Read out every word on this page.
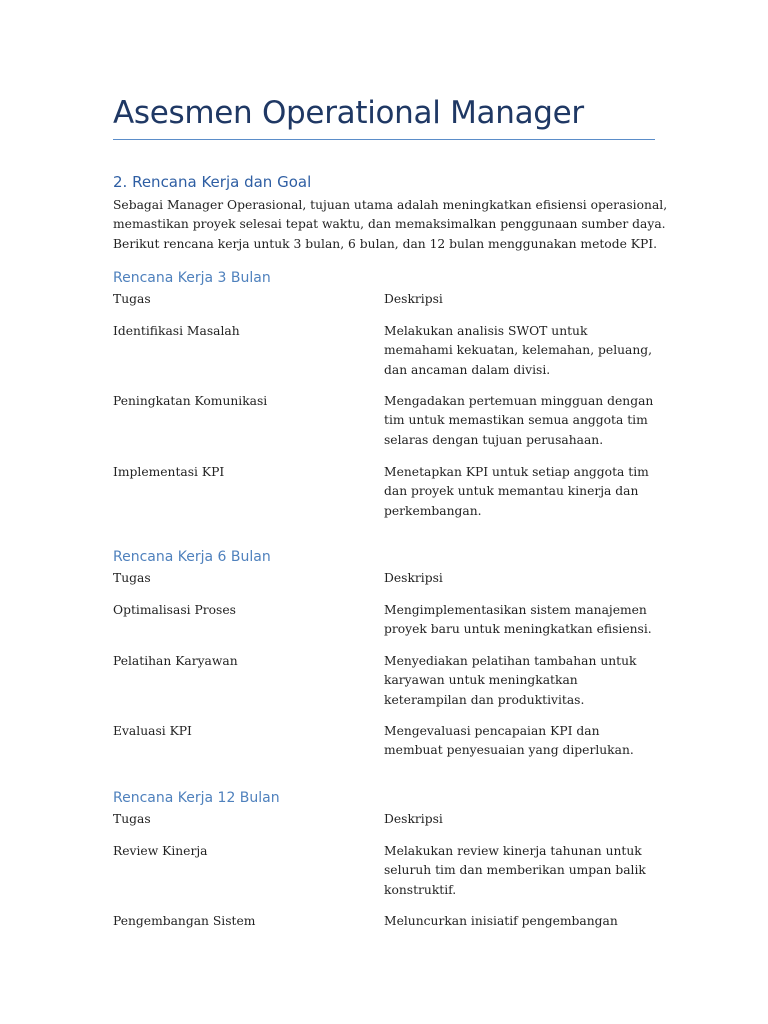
Asesmen Operational Manager
2. Rencana Kerja dan Goal
Sebagai Manager Operasional, tujuan utama adalah meningkatkan efisiensi operasional,
memastikan proyek selesai tepat waktu, dan memaksimalkan penggunaan sumber daya.
Berikut rencana kerja untuk 3 bulan, 6 bulan, dan 12 bulan menggunakan metode KPI.
Rencana Kerja 3 Bulan
Tugas	Deskripsi
Identifikasi Masalah	Melakukan analisis SWOT untuk
memahami kekuatan, kelemahan, peluang,
dan ancaman dalam divisi.
Peningkatan Komunikasi	Mengadakan pertemuan mingguan dengan
tim untuk memastikan semua anggota tim
selaras dengan tujuan perusahaan.
Implementasi KPI	Menetapkan KPI untuk setiap anggota tim
dan proyek untuk memantau kinerja dan
perkembangan.
Rencana Kerja 6 Bulan
Tugas	Deskripsi
Optimalisasi Proses	Mengimplementasikan sistem manajemen
proyek baru untuk meningkatkan efisiensi.
Pelatihan Karyawan	Menyediakan pelatihan tambahan untuk
karyawan untuk meningkatkan
keterampilan dan produktivitas.
Evaluasi KPI	Mengevaluasi pencapaian KPI dan
membuat penyesuaian yang diperlukan.
Rencana Kerja 12 Bulan
Tugas	Deskripsi
Review Kinerja	Melakukan review kinerja tahunan untuk
seluruh tim dan memberikan umpan balik
konstruktif.
Pengembangan Sistem	Meluncurkan inisiatif pengembangan
